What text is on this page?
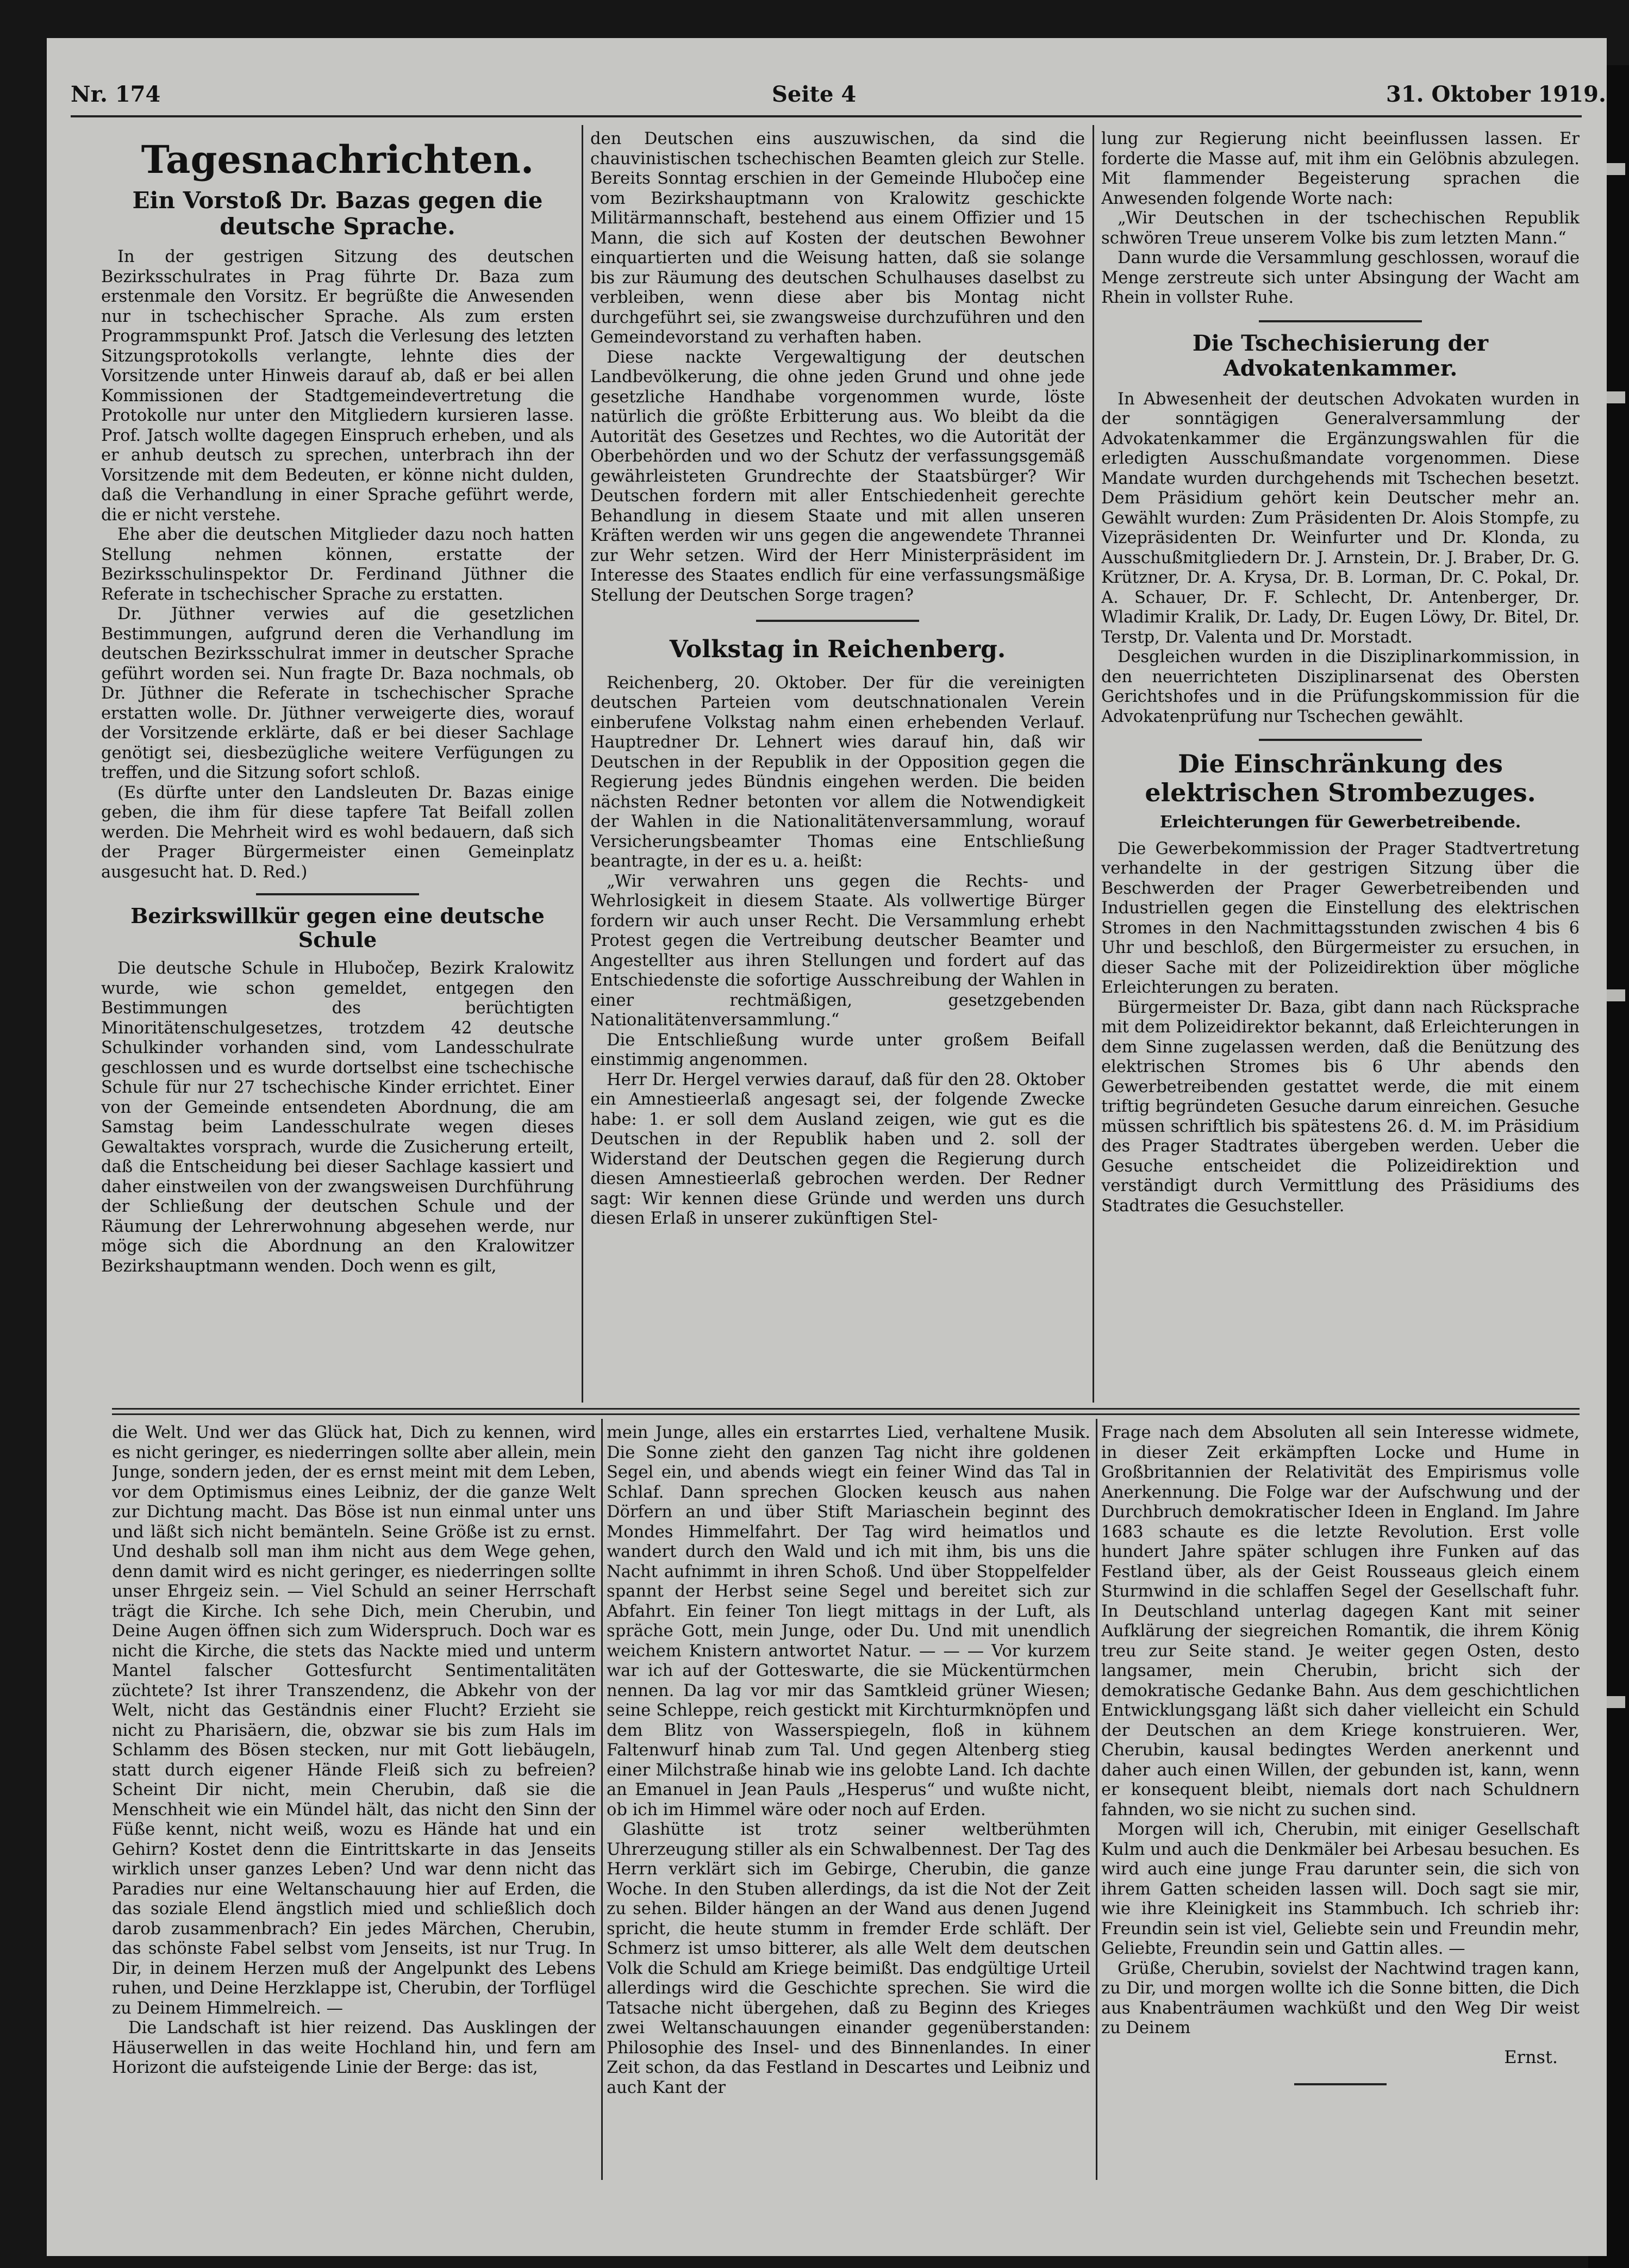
Nr. 174	Seite 4	31. Oktober 1919.
Tagesnachrichten.
Ein Vorstoß Dr. Bazas gegen die deutsche Sprache.

In der gestrigen Sitzung des deutschen Bezirksschulrates in Prag führte Dr. Baza zum erstenmale den Vorsitz. Er begrüßte die Anwesenden nur in tschechischer Sprache. Als zum ersten Programmspunkt Prof. Jatsch die Verlesung des letzten Sitzungsprotokolls verlangte, lehnte dies der Vorsitzende unter Hinweis darauf ab, daß er bei allen Kommissionen der Stadtgemeindevertretung die Protokolle nur unter den Mitgliedern kursieren lasse. Prof. Jatsch wollte dagegen Einspruch erheben, und als er anhub deutsch zu sprechen, unterbrach ihn der Vorsitzende mit dem Bedeuten, er könne nicht dulden, daß die Verhandlung in einer Sprache geführt werde, die er nicht verstehe.

Ehe aber die deutschen Mitglieder dazu noch hatten Stellung nehmen können, erstatte der Bezirksschulinspektor Dr. Ferdinand Jüthner die Referate in tschechischer Sprache zu erstatten.

Dr. Jüthner verwies auf die gesetzlichen Bestimmungen, aufgrund deren die Verhandlung im deutschen Bezirksschulrat immer in deutscher Sprache geführt worden sei. Nun fragte Dr. Baza nochmals, ob Dr. Jüthner die Referate in tschechischer Sprache erstatten wolle. Dr. Jüthner verweigerte dies, worauf der Vorsitzende erklärte, daß er bei dieser Sachlage genötigt sei, diesbezügliche weitere Verfügungen zu treffen, und die Sitzung sofort schloß.

(Es dürfte unter den Landsleuten Dr. Bazas einige geben, die ihm für diese tapfere Tat Beifall zollen werden. Die Mehrheit wird es wohl bedauern, daß sich der Prager Bürgermeister einen Gemeinplatz ausgesucht hat. D. Red.)

Bezirkswillkür gegen eine deutsche Schule

Die deutsche Schule in Hlubočep, Bezirk Kralowitz wurde, wie schon gemeldet, entgegen den Bestimmungen des berüchtigten Minoritätenschulgesetzes, trotzdem 42 deutsche Schulkinder vorhanden sind, vom Landesschulrate geschlossen und es wurde dortselbst eine tschechische Schule für nur 27 tschechische Kinder errichtet. Einer von der Gemeinde entsendeten Abordnung, die am Samstag beim Landesschulrate wegen dieses Gewaltaktes vorsprach, wurde die Zusicherung erteilt, daß die Entscheidung bei dieser Sachlage kassiert und daher einstweilen von der zwangsweisen Durchführung der Schließung der deutschen Schule und der Räumung der Lehrerwohnung abgesehen werde, nur möge sich die Abordnung an den Kralowitzer Bezirkshauptmann wenden. Doch wenn es gilt,

den Deutschen eins auszuwischen, da sind die chauvinistischen tschechischen Beamten gleich zur Stelle. Bereits Sonntag erschien in der Gemeinde Hlubočep eine vom Bezirkshauptmann von Kralowitz geschickte Militärmannschaft, bestehend aus einem Offizier und 15 Mann, die sich auf Kosten der deutschen Bewohner einquartierten und die Weisung hatten, daß sie solange bis zur Räumung des deutschen Schulhauses daselbst zu verbleiben, wenn diese aber bis Montag nicht durchgeführt sei, sie zwangsweise durchzuführen und den Gemeindevorstand zu verhaften haben.

Diese nackte Vergewaltigung der deutschen Landbevölkerung, die ohne jeden Grund und ohne jede gesetzliche Handhabe vorgenommen wurde, löste natürlich die größte Erbitterung aus. Wo bleibt da die Autorität des Gesetzes und Rechtes, wo die Autorität der Oberbehörden und wo der Schutz der verfassungsgemäß gewährleisteten Grundrechte der Staatsbürger? Wir Deutschen fordern mit aller Entschiedenheit gerechte Behandlung in diesem Staate und mit allen unseren Kräften werden wir uns gegen die angewendete Thrannei zur Wehr setzen. Wird der Herr Ministerpräsident im Interesse des Staates endlich für eine verfassungsmäßige Stellung der Deutschen Sorge tragen?

Volkstag in Reichenberg.

Reichenberg, 20. Oktober. Der für die vereinigten deutschen Parteien vom deutschnationalen Verein einberufene Volkstag nahm einen erhebenden Verlauf. Hauptredner Dr. Lehnert wies darauf hin, daß wir Deutschen in der Republik in der Opposition gegen die Regierung jedes Bündnis eingehen werden. Die beiden nächsten Redner betonten vor allem die Notwendigkeit der Wahlen in die Nationalitätenversammlung, worauf Versicherungsbeamter Thomas eine Entschließung beantragte, in der es u. a. heißt:

„Wir verwahren uns gegen die Rechts- und Wehrlosigkeit in diesem Staate. Als vollwertige Bürger fordern wir auch unser Recht. Die Versammlung erhebt Protest gegen die Vertreibung deutscher Beamter und Angestellter aus ihren Stellungen und fordert auf das Entschiedenste die sofortige Ausschreibung der Wahlen in einer rechtmäßigen, gesetzgebenden Nationalitätenversammlung.“

Die Entschließung wurde unter großem Beifall einstimmig angenommen.

Herr Dr. Hergel verwies darauf, daß für den 28. Oktober ein Amnestieerlaß angesagt sei, der folgende Zwecke habe: 1. er soll dem Ausland zeigen, wie gut es die Deutschen in der Republik haben und 2. soll der Widerstand der Deutschen gegen die Regierung durch diesen Amnestieerlaß gebrochen werden. Der Redner sagt: Wir kennen diese Gründe und werden uns durch diesen Erlaß in unserer zukünftigen Stel-

lung zur Regierung nicht beeinflussen lassen. Er forderte die Masse auf, mit ihm ein Gelöbnis abzulegen. Mit flammender Begeisterung sprachen die Anwesenden folgende Worte nach:

„Wir Deutschen in der tschechischen Republik schwören Treue unserem Volke bis zum letzten Mann.“

Dann wurde die Versammlung geschlossen, worauf die Menge zerstreute sich unter Absingung der Wacht am Rhein in vollster Ruhe.

Die Tschechisierung der Advokatenkammer.

In Abwesenheit der deutschen Advokaten wurden in der sonntägigen Generalversammlung der Advokatenkammer die Ergänzungswahlen für die erledigten Ausschußmandate vorgenommen. Diese Mandate wurden durchgehends mit Tschechen besetzt. Dem Präsidium gehört kein Deutscher mehr an. Gewählt wurden: Zum Präsidenten Dr. Alois Stompfe, zu Vizepräsidenten Dr. Weinfurter und Dr. Klonda, zu Ausschußmitgliedern Dr. J. Arnstein, Dr. J. Braber, Dr. G. Krützner, Dr. A. Krysa, Dr. B. Lorman, Dr. C. Pokal, Dr. A. Schauer, Dr. F. Schlecht, Dr. Antenberger, Dr. Wladimir Kralik, Dr. Lady, Dr. Eugen Löwy, Dr. Bitel, Dr. Terstp, Dr. Valenta und Dr. Morstadt.

Desgleichen wurden in die Disziplinarkommission, in den neuerrichteten Disziplinarsenat des Obersten Gerichtshofes und in die Prüfungskommission für die Advokatenprüfung nur Tschechen gewählt.

Die Einschränkung des elektrischen Strombezuges.
Erleichterungen für Gewerbetreibende.

Die Gewerbekommission der Prager Stadtvertretung verhandelte in der gestrigen Sitzung über die Beschwerden der Prager Gewerbetreibenden und Industriellen gegen die Einstellung des elektrischen Stromes in den Nachmittagsstunden zwischen 4 bis 6 Uhr und beschloß, den Bürgermeister zu ersuchen, in dieser Sache mit der Polizeidirektion über mögliche Erleichterungen zu beraten.

Bürgermeister Dr. Baza, gibt dann nach Rücksprache mit dem Polizeidirektor bekannt, daß Erleichterungen in dem Sinne zugelassen werden, daß die Benützung des elektrischen Stromes bis 6 Uhr abends den Gewerbetreibenden gestattet werde, die mit einem triftig begründeten Gesuche darum einreichen. Gesuche müssen schriftlich bis spätestens 26. d. M. im Präsidium des Prager Stadtrates übergeben werden. Ueber die Gesuche entscheidet die Polizeidirektion und verständigt durch Vermittlung des Präsidiums des Stadtrates die Gesuchsteller.

die Welt. Und wer das Glück hat, Dich zu kennen, wird es nicht geringer, es niederringen sollte aber allein, mein Junge, sondern jeden, der es ernst meint mit dem Leben, vor dem Optimismus eines Leibniz, der die ganze Welt zur Dichtung macht. Das Böse ist nun einmal unter uns und läßt sich nicht bemänteln. Seine Größe ist zu ernst. Und deshalb soll man ihm nicht aus dem Wege gehen, denn damit wird es nicht geringer, es niederringen sollte unser Ehrgeiz sein. — Viel Schuld an seiner Herrschaft trägt die Kirche. Ich sehe Dich, mein Cherubin, und Deine Augen öffnen sich zum Widerspruch. Doch war es nicht die Kirche, die stets das Nackte mied und unterm Mantel falscher Gottesfurcht Sentimentalitäten züchtete? Ist ihrer Transzendenz, die Abkehr von der Welt, nicht das Geständnis einer Flucht? Erzieht sie nicht zu Pharisäern, die, obzwar sie bis zum Hals im Schlamm des Bösen stecken, nur mit Gott liebäugeln, statt durch eigener Hände Fleiß sich zu befreien? Scheint Dir nicht, mein Cherubin, daß sie die Menschheit wie ein Mündel hält, das nicht den Sinn der Füße kennt, nicht weiß, wozu es Hände hat und ein Gehirn? Kostet denn die Eintrittskarte in das Jenseits wirklich unser ganzes Leben? Und war denn nicht das Paradies nur eine Weltanschauung hier auf Erden, die das soziale Elend ängstlich mied und schließlich doch darob zusammenbrach? Ein jedes Märchen, Cherubin, das schönste Fabel selbst vom Jenseits, ist nur Trug. In Dir, in deinem Herzen muß der Angelpunkt des Lebens ruhen, und Deine Herzklappe ist, Cherubin, der Torflügel zu Deinem Himmelreich. —

Die Landschaft ist hier reizend. Das Ausklingen der Häuserwellen in das weite Hochland hin, und fern am Horizont die aufsteigende Linie der Berge: das ist,

mein Junge, alles ein erstarrtes Lied, verhaltene Musik. Die Sonne zieht den ganzen Tag nicht ihre goldenen Segel ein, und abends wiegt ein feiner Wind das Tal in Schlaf. Dann sprechen Glocken keusch aus nahen Dörfern an und über Stift Mariaschein beginnt des Mondes Himmelfahrt. Der Tag wird heimatlos und wandert durch den Wald und ich mit ihm, bis uns die Nacht aufnimmt in ihren Schoß. Und über Stoppelfelder spannt der Herbst seine Segel und bereitet sich zur Abfahrt. Ein feiner Ton liegt mittags in der Luft, als spräche Gott, mein Junge, oder Du. Und mit unendlich weichem Knistern antwortet Natur. — — — Vor kurzem war ich auf der Gotteswarte, die sie Mückentürmchen nennen. Da lag vor mir das Samtkleid grüner Wiesen; seine Schleppe, reich gestickt mit Kirchturmknöpfen und dem Blitz von Wasserspiegeln, floß in kühnem Faltenwurf hinab zum Tal. Und gegen Altenberg stieg einer Milchstraße hinab wie ins gelobte Land. Ich dachte an Emanuel in Jean Pauls „Hesperus“ und wußte nicht, ob ich im Himmel wäre oder noch auf Erden.

Glashütte ist trotz seiner weltberühmten Uhrerzeugung stiller als ein Schwalbennest. Der Tag des Herrn verklärt sich im Gebirge, Cherubin, die ganze Woche. In den Stuben allerdings, da ist die Not der Zeit zu sehen. Bilder hängen an der Wand aus denen Jugend spricht, die heute stumm in fremder Erde schläft. Der Schmerz ist umso bitterer, als alle Welt dem deutschen Volk die Schuld am Kriege beimißt. Das endgültige Urteil allerdings wird die Geschichte sprechen. Sie wird die Tatsache nicht übergehen, daß zu Beginn des Krieges zwei Weltanschauungen einander gegenüberstanden: Philosophie des Insel- und des Binnenlandes. In einer Zeit schon, da das Festland in Descartes und Leibniz und auch Kant der

Frage nach dem Absoluten all sein Interesse widmete, in dieser Zeit erkämpften Locke und Hume in Großbritannien der Relativität des Empirismus volle Anerkennung. Die Folge war der Aufschwung und der Durchbruch demokratischer Ideen in England. Im Jahre 1683 schaute es die letzte Revolution. Erst volle hundert Jahre später schlugen ihre Funken auf das Festland über, als der Geist Rousseaus gleich einem Sturmwind in die schlaffen Segel der Gesellschaft fuhr. In Deutschland unterlag dagegen Kant mit seiner Aufklärung der siegreichen Romantik, die ihrem König treu zur Seite stand. Je weiter gegen Osten, desto langsamer, mein Cherubin, bricht sich der demokratische Gedanke Bahn. Aus dem geschichtlichen Entwicklungsgang läßt sich daher vielleicht ein Schuld der Deutschen an dem Kriege konstruieren. Wer, Cherubin, kausal bedingtes Werden anerkennt und daher auch einen Willen, der gebunden ist, kann, wenn er konsequent bleibt, niemals dort nach Schuldnern fahnden, wo sie nicht zu suchen sind.

Morgen will ich, Cherubin, mit einiger Gesellschaft Kulm und auch die Denkmäler bei Arbesau besuchen. Es wird auch eine junge Frau darunter sein, die sich von ihrem Gatten scheiden lassen will. Doch sagt sie mir, wie ihre Kleinigkeit ins Stammbuch. Ich schrieb ihr: Freundin sein ist viel, Geliebte sein und Freundin mehr, Geliebte, Freundin sein und Gattin alles. —

Grüße, Cherubin, sovielst der Nachtwind tragen kann, zu Dir, und morgen wollte ich die Sonne bitten, die Dich aus Knabenträumen wachküßt und den Weg Dir weist zu Deinem

Ernst.
